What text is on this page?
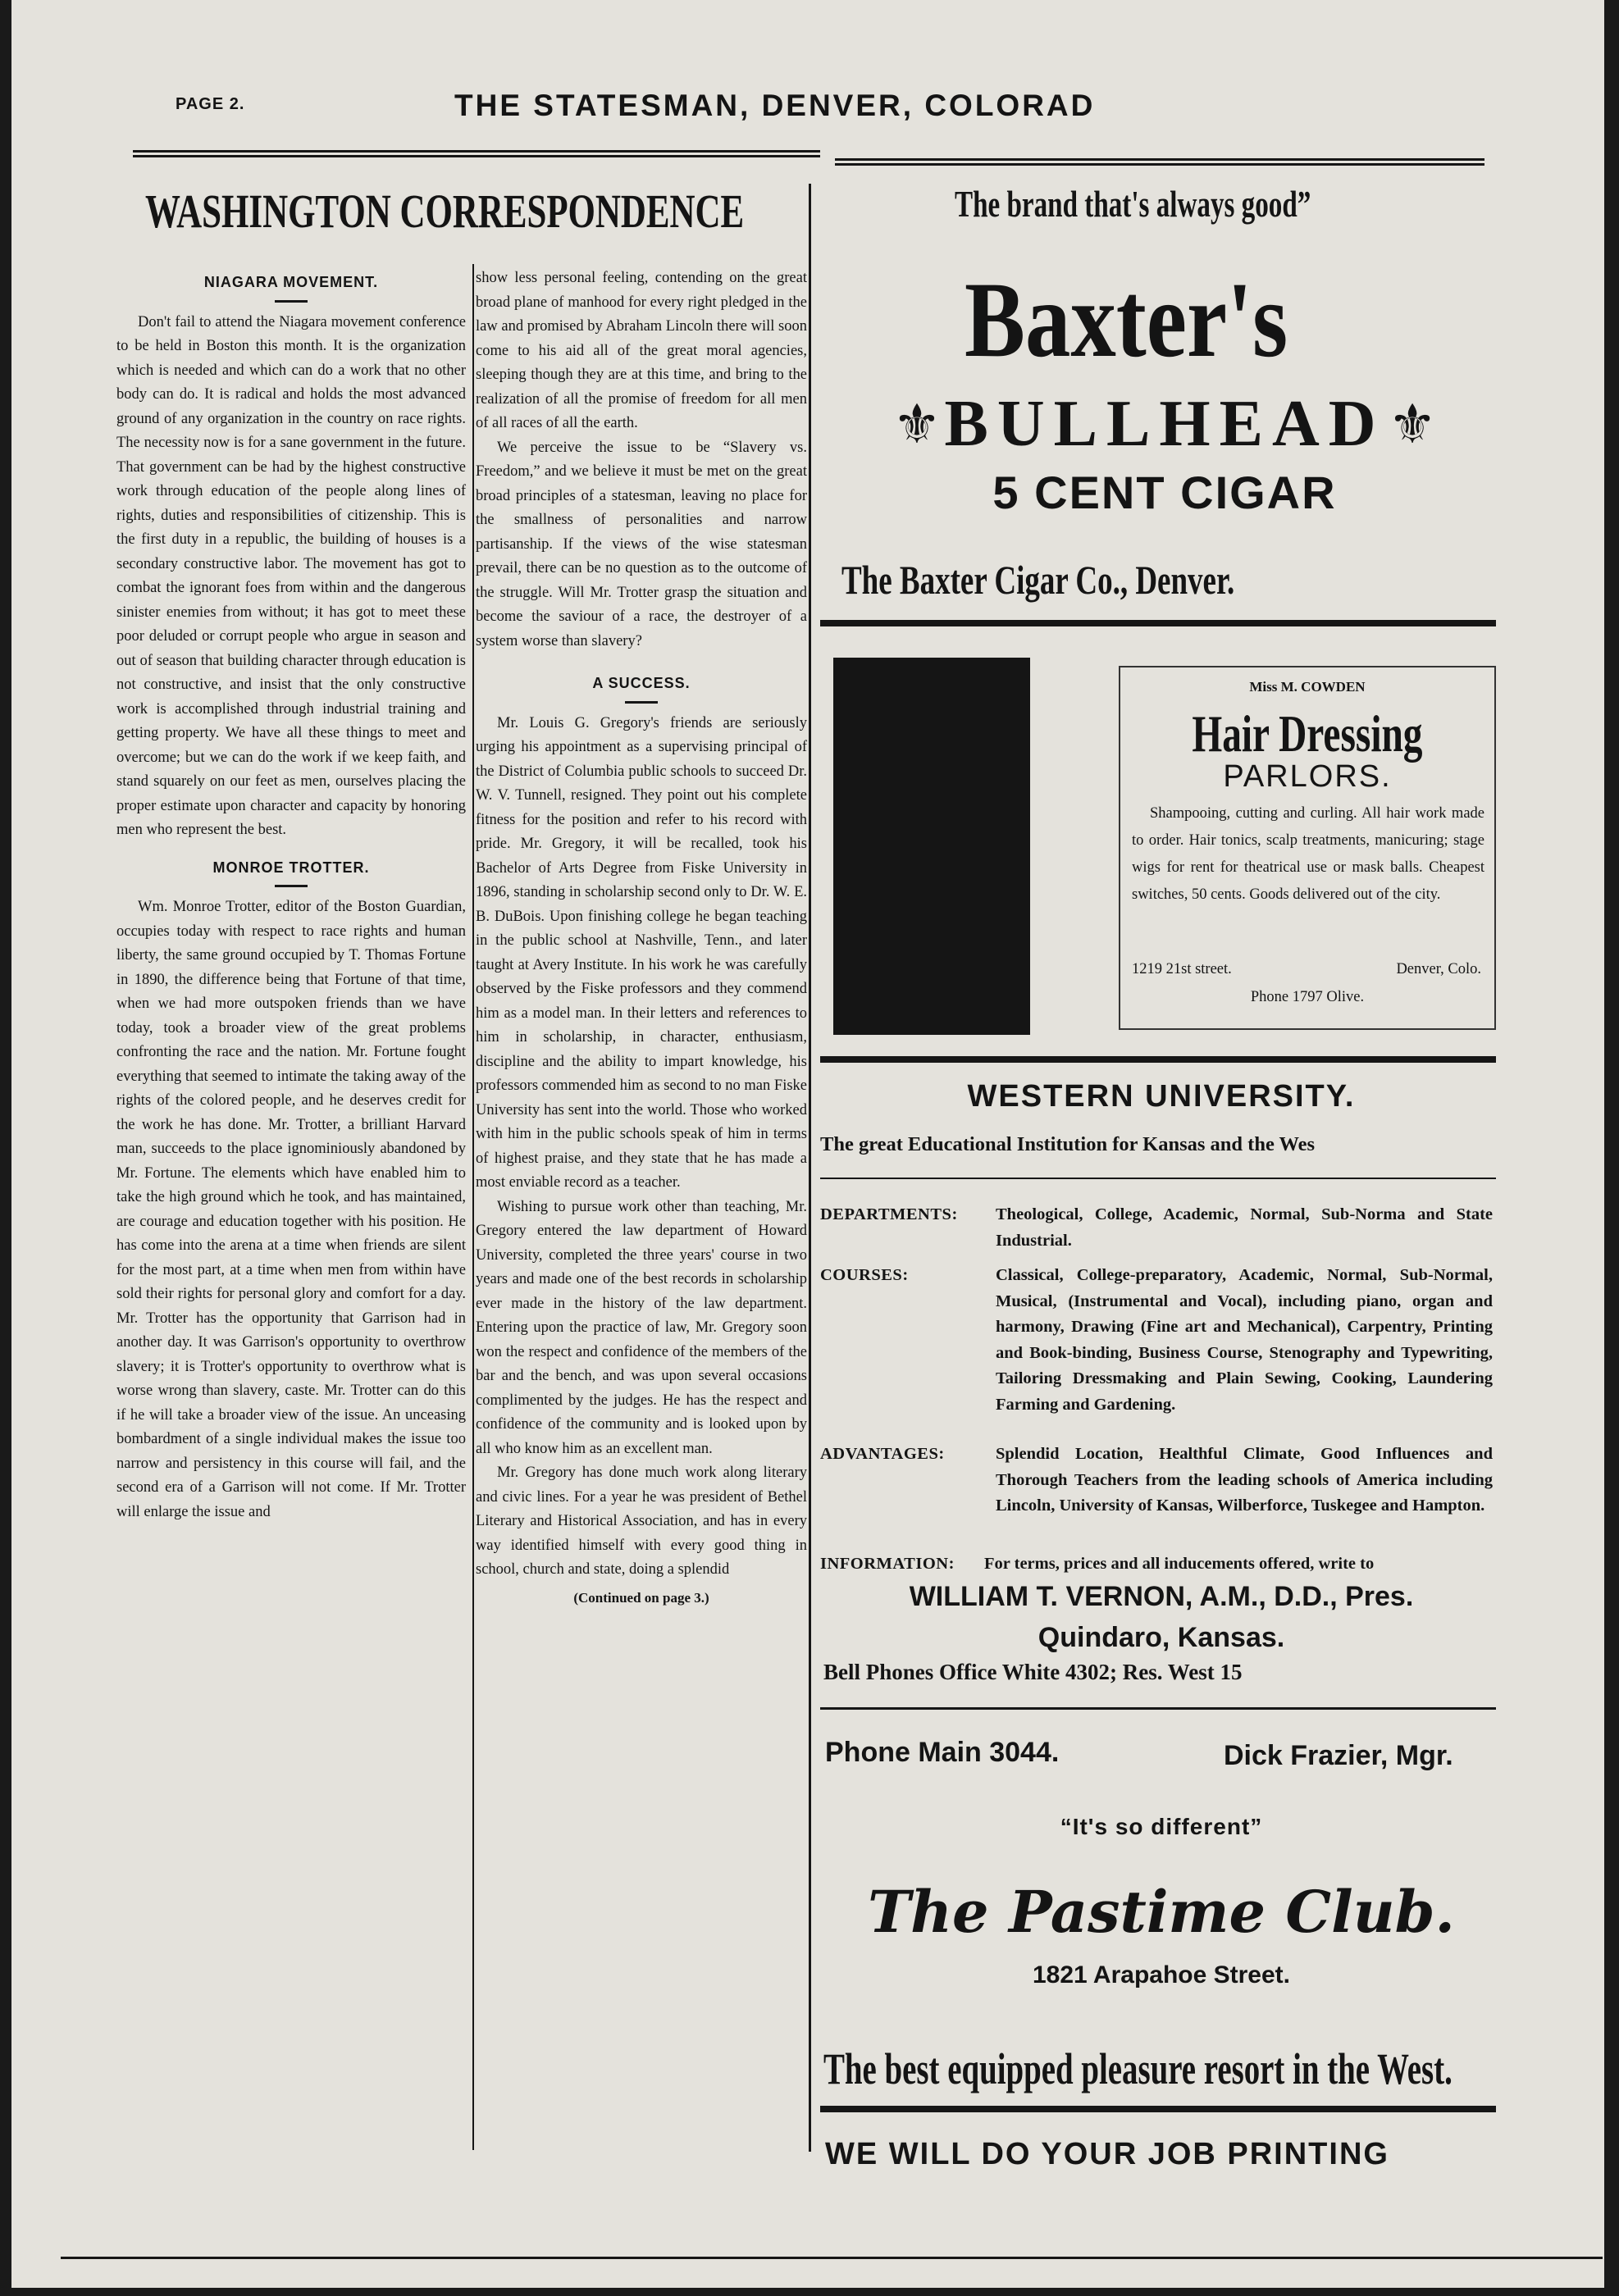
PAGE 2.	THE STATESMAN, DENVER, COLORAD
WASHINGTON CORRESPONDENCE
NIAGARA MOVEMENT.

Don't fail to attend the Niagara movement conference to be held in Boston this month. It is the organization which is needed and which can do a work that no other body can do. It is radical and holds the most advanced ground of any organization in the country on race rights. The necessity now is for a sane government in the future. That government can be had by the highest constructive work through education of the people along lines of rights, duties and responsibilities of citizenship. This is the first duty in a republic, the building of houses is a secondary constructive labor. The movement has got to combat the ignorant foes from within and the dangerous sinister enemies from without; it has got to meet these poor deluded or corrupt people who argue in season and out of season that building character through education is not constructive, and insist that the only constructive work is accomplished through industrial training and getting property. We have all these things to meet and overcome; but we can do the work if we keep faith, and stand squarely on our feet as men, ourselves placing the proper estimate upon character and capacity by honoring men who represent the best.

MONROE TROTTER.

Wm. Monroe Trotter, editor of the Boston Guardian, occupies today with respect to race rights and human liberty, the same ground occupied by T. Thomas Fortune in 1890, the difference being that Fortune of that time, when we had more outspoken friends than we have today, took a broader view of the great problems confronting the race and the nation. Mr. Fortune fought everything that seemed to intimate the taking away of the rights of the colored people, and he deserves credit for the work he has done. Mr. Trotter, a brilliant Harvard man, succeeds to the place ignominiously abandoned by Mr. Fortune. The elements which have enabled him to take the high ground which he took, and has maintained, are courage and education together with his position. He has come into the arena at a time when friends are silent for the most part, at a time when men from within have sold their rights for personal glory and comfort for a day. Mr. Trotter has the opportunity that Garrison had in another day. It was Garrison's opportunity to overthrow slavery; it is Trotter's opportunity to overthrow what is worse wrong than slavery, caste. Mr. Trotter can do this if he will take a broader view of the issue. An unceasing bombardment of a single individual makes the issue too narrow and persistency in this course will fail, and the second era of a Garrison will not come. If Mr. Trotter will enlarge the issue and

show less personal feeling, contending on the great broad plane of manhood for every right pledged in the law and promised by Abraham Lincoln there will soon come to his aid all of the great moral agencies, sleeping though they are at this time, and bring to the realization of all the promise of freedom for all men of all races of all the earth.

We perceive the issue to be “Slavery vs. Freedom,” and we believe it must be met on the great broad principles of a statesman, leaving no place for the smallness of personalities and narrow partisanship. If the views of the wise statesman prevail, there can be no question as to the outcome of the struggle. Will Mr. Trotter grasp the situation and become the saviour of a race, the destroyer of a system worse than slavery?

A SUCCESS.

Mr. Louis G. Gregory's friends are seriously urging his appointment as a supervising principal of the District of Columbia public schools to succeed Dr. W. V. Tunnell, resigned. They point out his complete fitness for the position and refer to his record with pride. Mr. Gregory, it will be recalled, took his Bachelor of Arts Degree from Fiske University in 1896, standing in scholarship second only to Dr. W. E. B. DuBois. Upon finishing college he began teaching in the public school at Nashville, Tenn., and later taught at Avery Institute. In his work he was carefully observed by the Fiske professors and they commend him as a model man. In their letters and references to him in scholarship, in character, enthusiasm, discipline and the ability to impart knowledge, his professors commended him as second to no man Fiske University has sent into the world. Those who worked with him in the public schools speak of him in terms of highest praise, and they state that he has made a most enviable record as a teacher.

Wishing to pursue work other than teaching, Mr. Gregory entered the law department of Howard University, completed the three years' course in two years and made one of the best records in scholarship ever made in the history of the law department. Entering upon the practice of law, Mr. Gregory soon won the respect and confidence of the members of the bar and the bench, and was upon several occasions complimented by the judges. He has the respect and confidence of the community and is looked upon by all who know him as an excellent man.

Mr. Gregory has done much work along literary and civic lines. For a year he was president of Bethel Literary and Historical Association, and has in every way identified himself with every good thing in school, church and state, doing a splendid

(Continued on page 3.)
The brand that's always good”
Baxter's
⚜ BULLHEAD ⚜
5 CENT CIGAR
The Baxter Cigar Co., Denver.
Miss M. COWDEN
Hair Dressing
PARLORS.
Shampooing, cutting and curling. All hair work made to order. Hair tonics, scalp treatments, manicuring; stage wigs for rent for theatrical use or mask balls. Cheapest switches, 50 cents. Goods delivered out of the city.
1219 21st street.	Denver, Colo.
Phone 1797 Olive.
WESTERN UNIVERSITY.
The great Educational Institution for Kansas and the Wes
DEPARTMENTS: Theological, College, Academic, Normal, Sub-Norma and State Industrial.
COURSES:	Classical, College-preparatory, Academic, Normal, Sub-Normal, Musical, (Instrumental and Vocal), including piano, organ and harmony, Drawing (Fine art and Mechanical), Carpentry, Printing and Book-binding, Business Course, Stenography and Typewriting, Tailoring Dressmaking and Plain Sewing, Cooking, Laundering Farming and Gardening.
ADVANTAGES:	Splendid Location, Healthful Climate, Good Influences and Thorough Teachers from the leading schools of America including Lincoln, University of Kansas, Wilberforce, Tuskegee and Hampton.
INFORMATION: For terms, prices and all inducements offered, write to
WILLIAM T. VERNON, A.M., D.D., Pres.
Quindaro, Kansas.
Bell Phones Office White 4302; Res. West 15
Phone Main 3044.	Dick Frazier, Mgr.
“It's so different”
The Pastime Club.
1821 Arapahoe Street.
The best equipped pleasure resort in the West.
WE WILL DO YOUR JOB PRINTING
